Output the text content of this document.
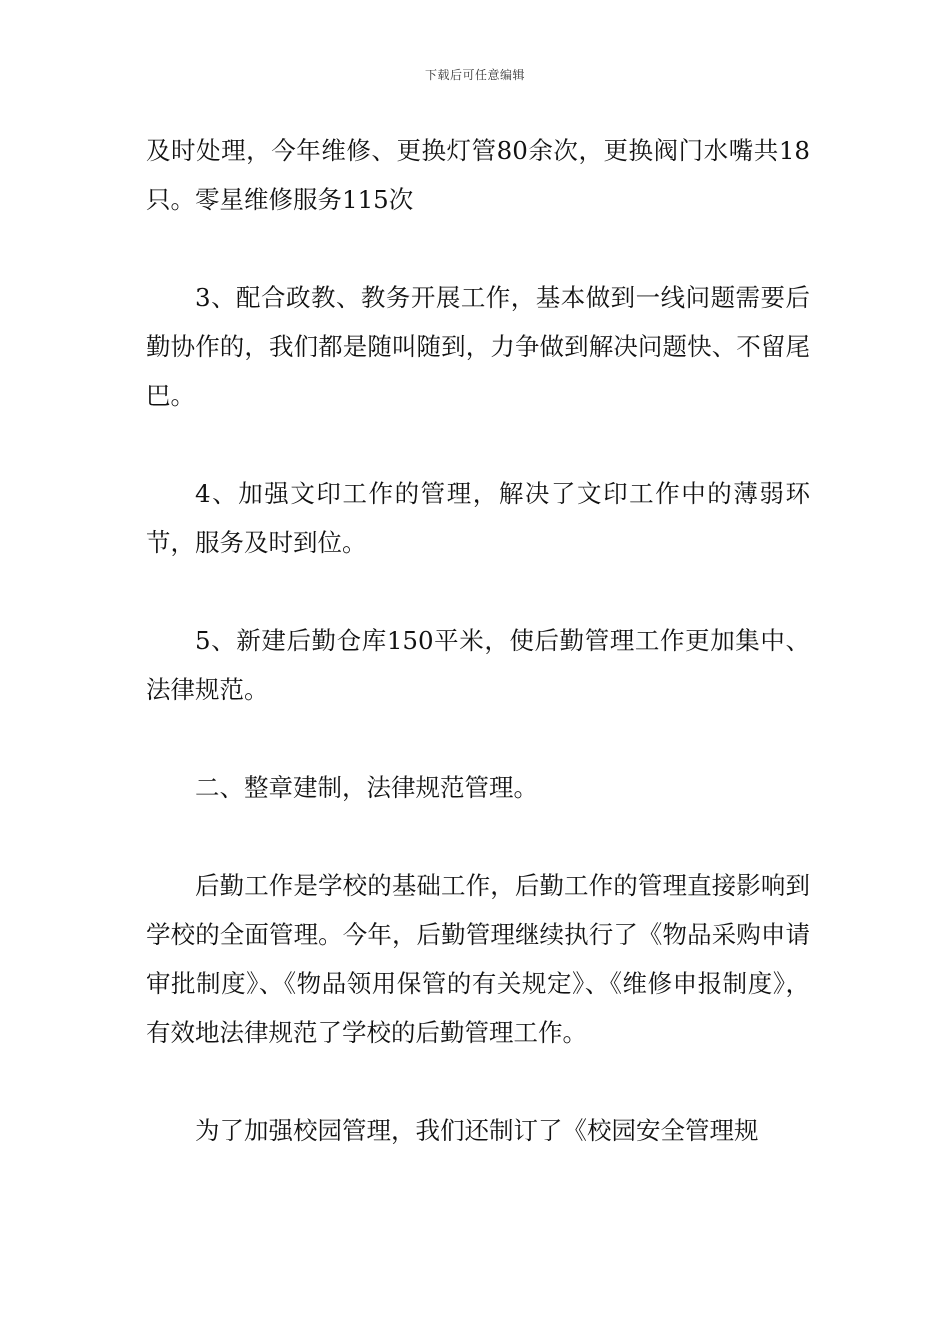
下载后可任意编辑

及时处理，今年维修、更换灯管80余次，更换阀门水嘴共18只。零星维修服务115次

3、配合政教、教务开展工作，基本做到一线问题需要后勤协作的，我们都是随叫随到，力争做到解决问题快、不留尾巴。

4、加强文印工作的管理，解决了文印工作中的薄弱环节，服务及时到位。

5、新建后勤仓库150平米，使后勤管理工作更加集中、法律规范。

二、整章建制，法律规范管理。

后勤工作是学校的基础工作，后勤工作的管理直接影响到学校的全面管理。今年，后勤管理继续执行了《物品采购申请审批制度》、《物品领用保管的有关规定》、《维修申报制度》，有效地法律规范了学校的后勤管理工作。

为了加强校园管理，我们还制订了《校园安全管理规
